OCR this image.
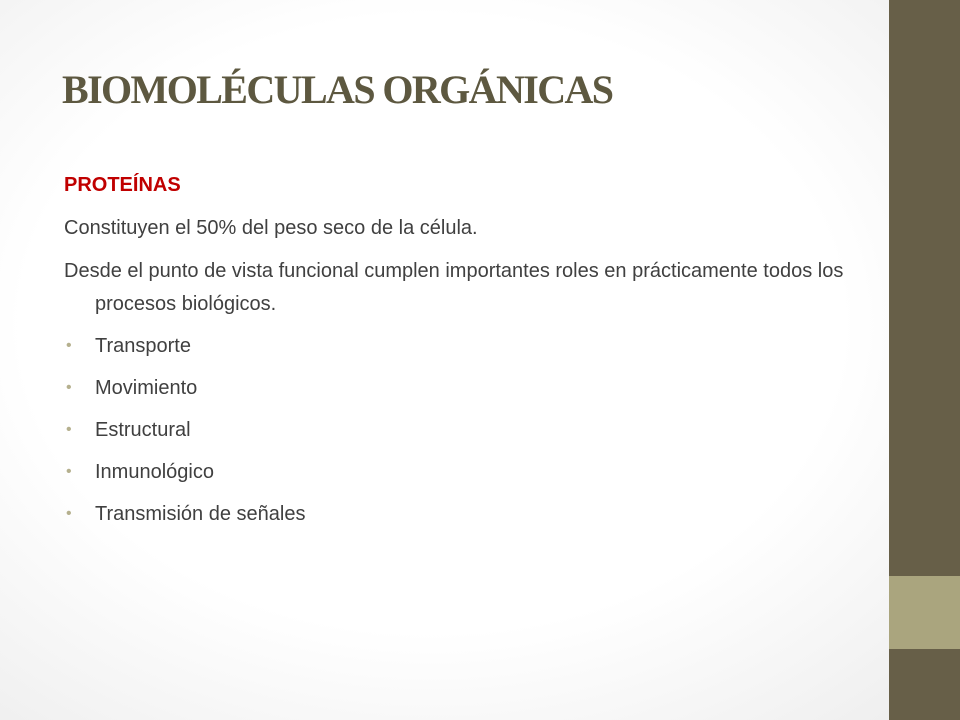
BIOMOLÉCULAS ORGÁNICAS
PROTEÍNAS

Constituyen el 50% del peso seco de la célula.

Desde el punto de vista funcional cumplen importantes roles en prácticamente todos los procesos biológicos.

• Transporte
• Movimiento
• Estructural
• Inmunológico
• Transmisión de señales
